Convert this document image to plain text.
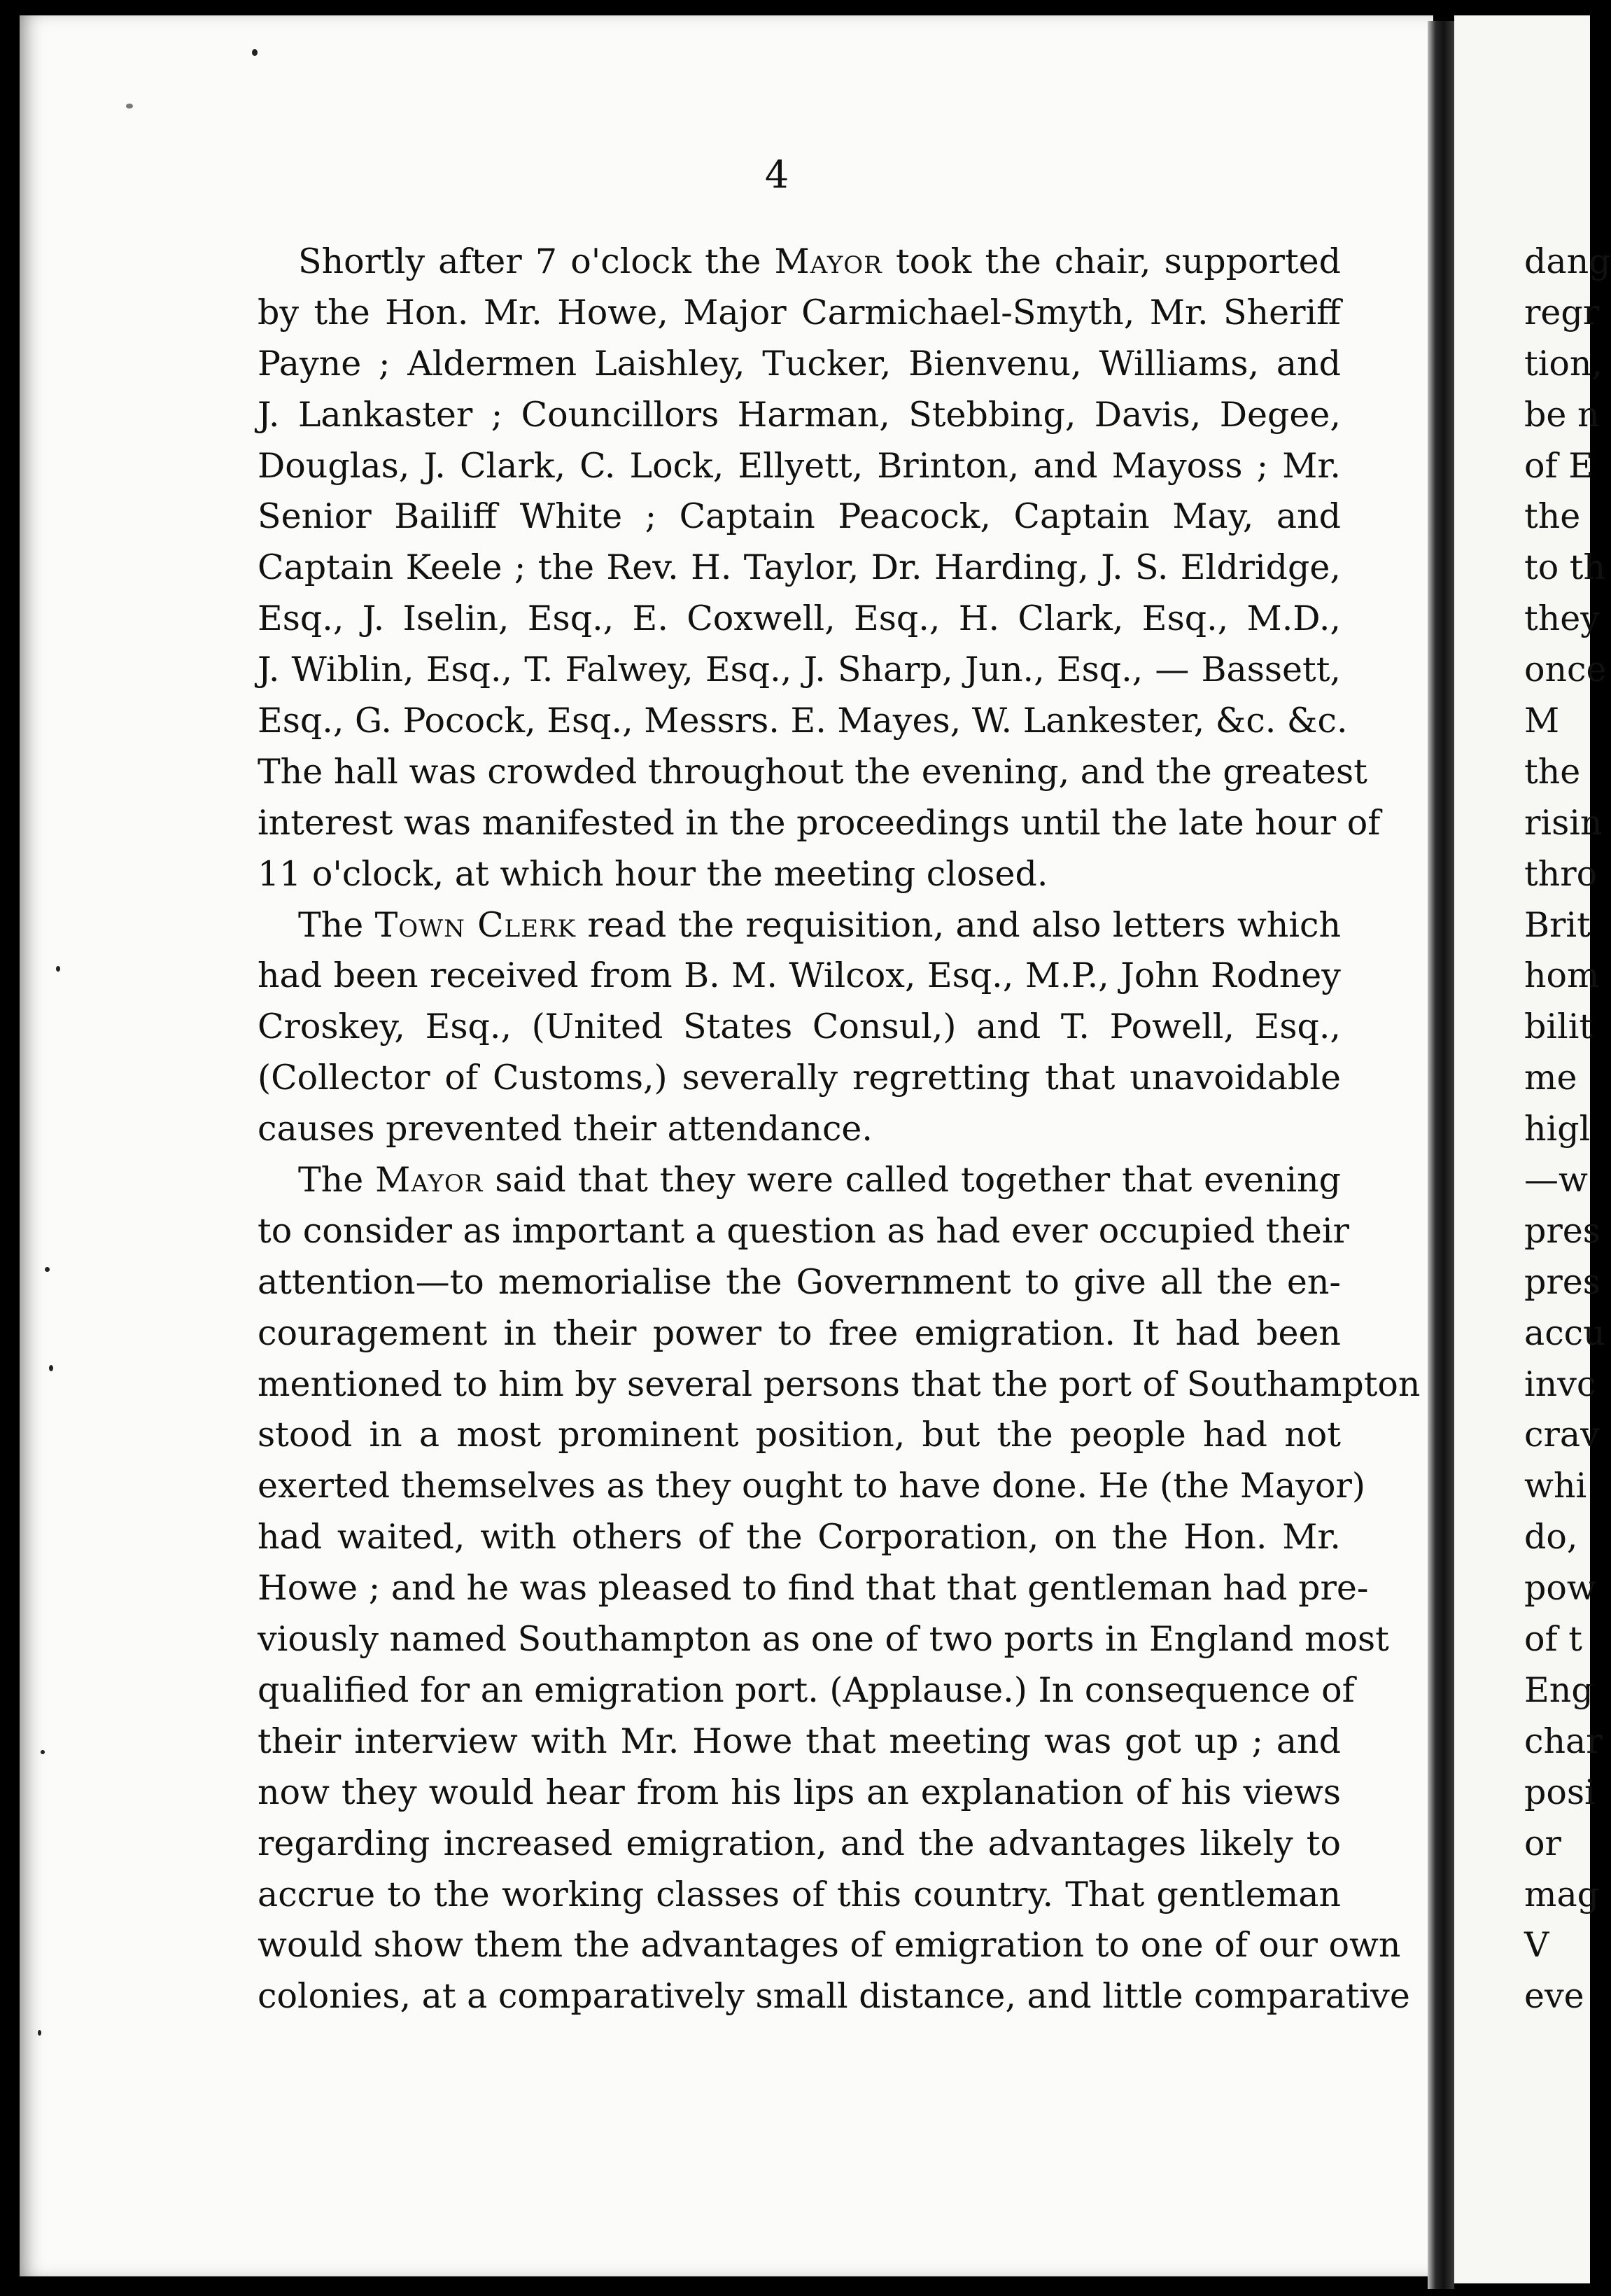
4
Shortly after 7 o'clock the Mayor took the chair, supported
by the Hon. Mr. Howe, Major Carmichael-Smyth, Mr. Sheriff
Payne ; Aldermen Laishley, Tucker, Bienvenu, Williams, and
J. Lankaster ; Councillors Harman, Stebbing, Davis, Degee,
Douglas, J. Clark, C. Lock, Ellyett, Brinton, and Mayoss ; Mr.
Senior Bailiff White ; Captain Peacock, Captain May, and
Captain Keele ; the Rev. H. Taylor, Dr. Harding, J. S. Eldridge,
Esq., J. Iselin, Esq., E. Coxwell, Esq., H. Clark, Esq., M.D.,
J. Wiblin, Esq., T. Falwey, Esq., J. Sharp, Jun., Esq., — Bassett,
Esq., G. Pocock, Esq., Messrs. E. Mayes, W. Lankester, &c. &c.
The hall was crowded throughout the evening, and the greatest
interest was manifested in the proceedings until the late hour of
11 o'clock, at which hour the meeting closed.
The Town Clerk read the requisition, and also letters which
had been received from B. M. Wilcox, Esq., M.P., John Rodney
Croskey, Esq., (United States Consul,) and T. Powell, Esq.,
(Collector of Customs,) severally regretting that unavoidable
causes prevented their attendance.
The Mayor said that they were called together that evening
to consider as important a question as had ever occupied their
attention—to memorialise the Government to give all the en-
couragement in their power to free emigration. It had been
mentioned to him by several persons that the port of Southampton
stood in a most prominent position, but the people had not
exerted themselves as they ought to have done. He (the Mayor)
had waited, with others of the Corporation, on the Hon. Mr.
Howe ; and he was pleased to find that that gentleman had pre-
viously named Southampton as one of two ports in England most
qualified for an emigration port. (Applause.) In consequence of
their interview with Mr. Howe that meeting was got up ; and
now they would hear from his lips an explanation of his views
regarding increased emigration, and the advantages likely to
accrue to the working classes of this country. That gentleman
would show them the advantages of emigration to one of our own
colonies, at a comparatively small distance, and little comparative
dang
regr
tion,
be n
of E
the
to th
they
once
M
the
risin
thro
Brit
hom
bilit
me
higl
—w
pres
pres
accu
invc
crav
whi
do,
pow
of t
Eng
char
posi
or
mag
V
eve
